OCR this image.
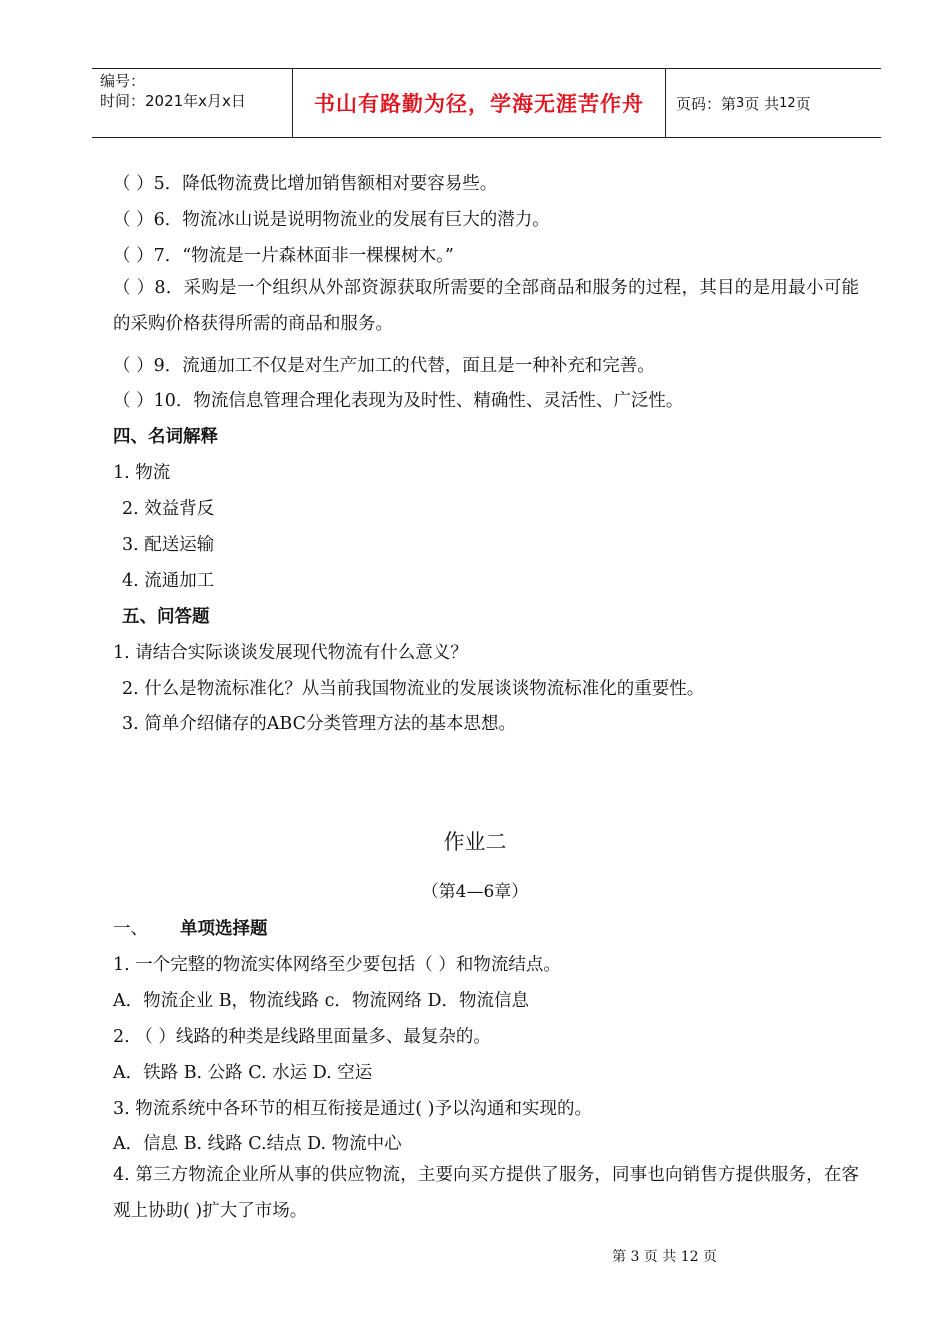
编号：
时间：2021年x月x日	书山有路勤为径，学海无涯苦作舟	页码：第 3 页 共 12 页
（ ）5．降低物流费比增加销售额相对要容易些。
（ ）6．物流冰山说是说明物流业的发展有巨大的潜力。
（ ）7．“物流是一片森林面非一棵棵树木。”
（ ）8．采购是一个组织从外部资源获取所需要的全部商品和服务的过程，其目的是用最小可能的采购价格获得所需的商品和服务。
（ ）9．流通加工不仅是对生产加工的代替，面且是一种补充和完善。
（ ）10．物流信息管理合理化表现为及时性、精确性、灵活性、广泛性。
四、名词解释
1. 物流
2. 效益背反
3. 配送运输
4. 流通加工
五、问答题
1. 请结合实际谈谈发展现代物流有什么意义？
2. 什么是物流标准化？从当前我国物流业的发展谈谈物流标准化的重要性。
3. 简单介绍储存的ABC分类管理方法的基本思想。
作业二
（第4—6章）
一、 单项选择题
1. 一个完整的物流实体网络至少要包括（ ）和物流结点。
A．物流企业 B，物流线路 c．物流网络 D．物流信息
2. （ ）线路的种类是线路里面量多、最复杂的。
A．铁路 B. 公路 C. 水运 D. 空运
3. 物流系统中各环节的相互衔接是通过( )予以沟通和实现的。
A．信息 B. 线路 C.结点 D. 物流中心
4. 第三方物流企业所从事的供应物流，主要向买方提供了服务，同事也向销售方提供服务，在客观上协助( )扩大了市场。
第 3 页 共 12 页
